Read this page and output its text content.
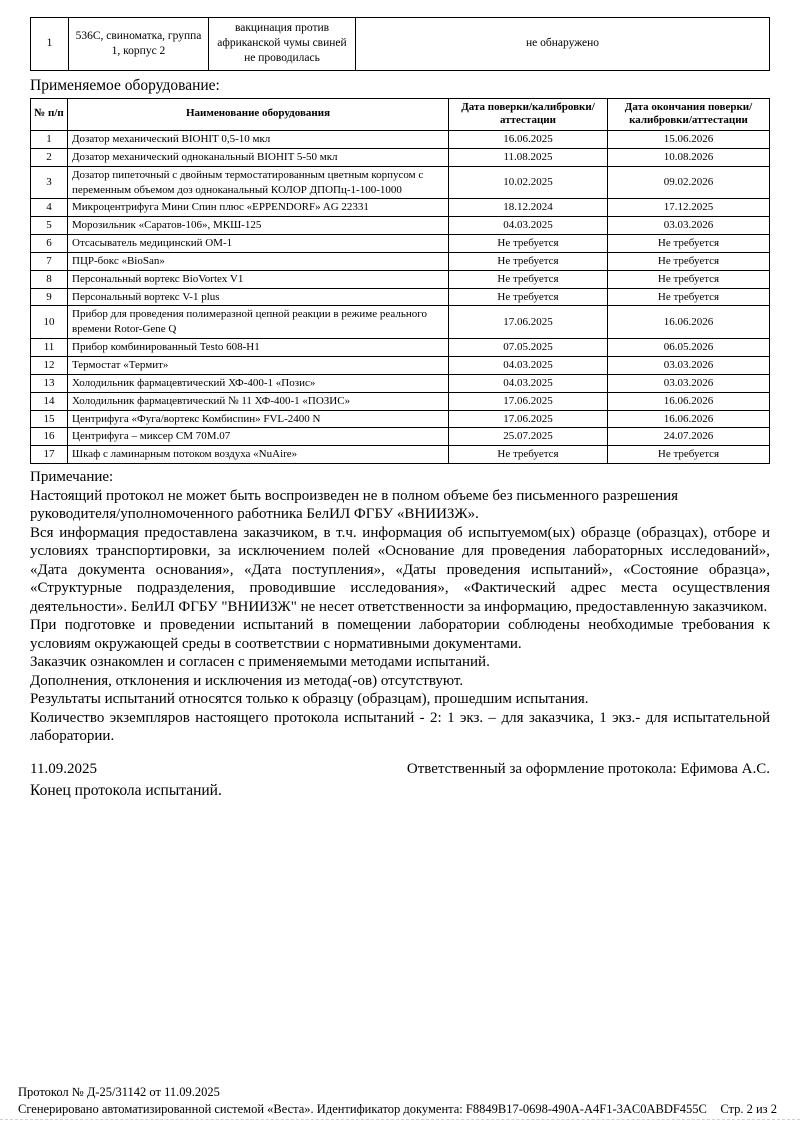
1	536С, свиноматка, группа 1, корпус 2	вакцинация против африканской чумы свиней не проводилась	не обнаружено
Применяемое оборудование:
№ п/п	Наименование оборудования	Дата поверки/калибровки/аттестации	Дата окончания поверки/калибровки/аттестации
1	Дозатор механический BIOHIT 0,5-10 мкл	16.06.2025	15.06.2026
2	Дозатор механический одноканальный BIOHIT 5-50 мкл	11.08.2025	10.08.2026
3	Дозатор пипеточный с двойным термостатированным цветным корпусом с переменным объемом доз одноканальный КОЛОР ДПОПц-1-100-1000	10.02.2025	09.02.2026
4	Микроцентрифуга Мини Спин плюс «EPPENDORF» AG 22331	18.12.2024	17.12.2025
5	Морозильник «Саратов-106», МКШ-125	04.03.2025	03.03.2026
6	Отсасыватель медицинский ОМ-1	Не требуется	Не требуется
7	ПЦР-бокс «BioSan»	Не требуется	Не требуется
8	Персональный вортекс BioVortex V1	Не требуется	Не требуется
9	Персональный вортекс V-1 plus	Не требуется	Не требуется
10	Прибор для проведения полимеразной цепной реакции в режиме реального времени Rotor-Gene Q	17.06.2025	16.06.2026
11	Прибор комбинированный Testo 608-H1	07.05.2025	06.05.2026
12	Термостат «Термит»	04.03.2025	03.03.2026
13	Холодильник фармацевтический ХФ-400-1 «Позис»	04.03.2025	03.03.2026
14	Холодильник фармацевтический № 11 ХФ-400-1 «ПОЗИС»	17.06.2025	16.06.2026
15	Центрифуга «Фуга/вортекс Комбиспин» FVL-2400 N	17.06.2025	16.06.2026
16	Центрифуга – миксер СМ 70М.07	25.07.2025	24.07.2026
17	Шкаф с ламинарным потоком воздуха «NuAire»	Не требуется	Не требуется

Примечание:

Настоящий протокол не может быть воспроизведен не в полном объеме без письменного разрешения руководителя/уполномоченного работника БелИЛ ФГБУ «ВНИИЗЖ».

Вся информация предоставлена заказчиком, в т.ч. информация об испытуемом(ых) образце (образцах), отборе и условиях транспортировки, за исключением полей «Основание для проведения лабораторных исследований», «Дата документа основания», «Дата поступления», «Даты проведения испытаний», «Состояние образца», «Структурные подразделения, проводившие исследования», «Фактический адрес места осуществления деятельности». БелИЛ ФГБУ "ВНИИЗЖ" не несет ответственности за информацию, предоставленную заказчиком.

При подготовке и проведении испытаний в помещении лаборатории соблюдены необходимые требования к условиям окружающей среды в соответствии с нормативными документами.

Заказчик ознакомлен и согласен с применяемыми методами испытаний.

Дополнения, отклонения и исключения из метода(-ов) отсутствуют.

Результаты испытаний относятся только к образцу (образцам), прошедшим испытания.

Количество экземпляров настоящего протокола испытаний - 2: 1 экз. – для заказчика, 1 экз.- для испытательной лаборатории.

11.09.2025	Ответственный за оформление протокола: Ефимова А.С.
Конец протокола испытаний.
Протокол № Д-25/31142 от 11.09.2025
Сгенерировано автоматизированной системой «Веста». Идентификатор документа: F8849B17-0698-490A-A4F1-3AC0ABDF455C Стр. 2 из 2
